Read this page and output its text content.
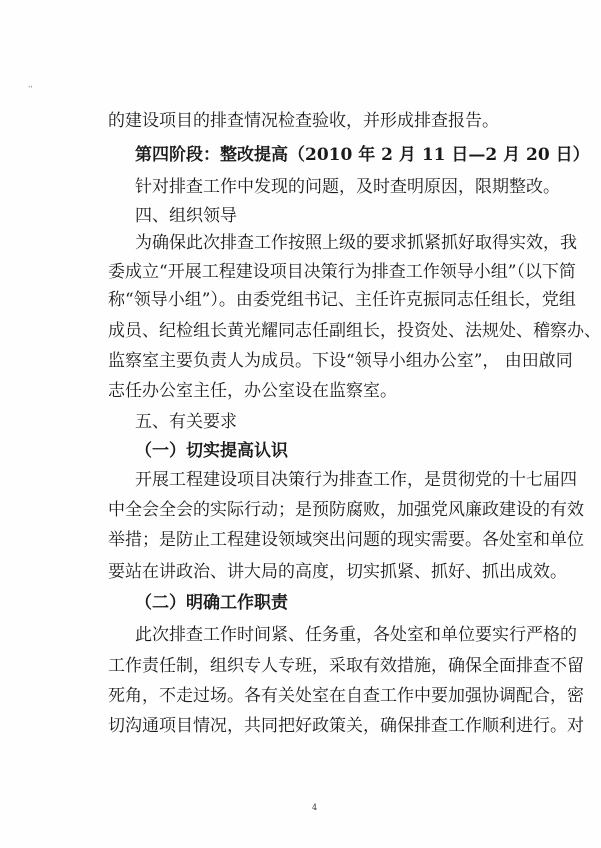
‘‘
的建设项目的排查情况检查验收，并形成排查报告。
第四阶段：整改提高（2010 年 2 月 11 日—2 月 20 日）
针对排查工作中发现的问题，及时查明原因，限期整改。
四、组织领导
为确保此次排查工作按照上级的要求抓紧抓好取得实效，我
委成立“开展工程建设项目决策行为排查工作领导小组”（以下简
称“领导小组”）。由委党组书记、主任许克振同志任组长，党组
成员、纪检组长黄光耀同志任副组长，投资处、法规处、稽察办、
监察室主要负责人为成员。下设“领导小组办公室”， 由田啟同
志任办公室主任，办公室设在监察室。
五、有关要求
（一）切实提高认识
开展工程建设项目决策行为排查工作，是贯彻党的十七届四
中全会全会的实际行动；是预防腐败，加强党风廉政建设的有效
举措；是防止工程建设领域突出问题的现实需要。各处室和单位
要站在讲政治、讲大局的高度，切实抓紧、抓好、抓出成效。
（二）明确工作职责
此次排查工作时间紧、任务重，各处室和单位要实行严格的
工作责任制，组织专人专班，采取有效措施，确保全面排查不留
死角，不走过场。各有关处室在自查工作中要加强协调配合，密
切沟通项目情况，共同把好政策关，确保排查工作顺利进行。对
4
